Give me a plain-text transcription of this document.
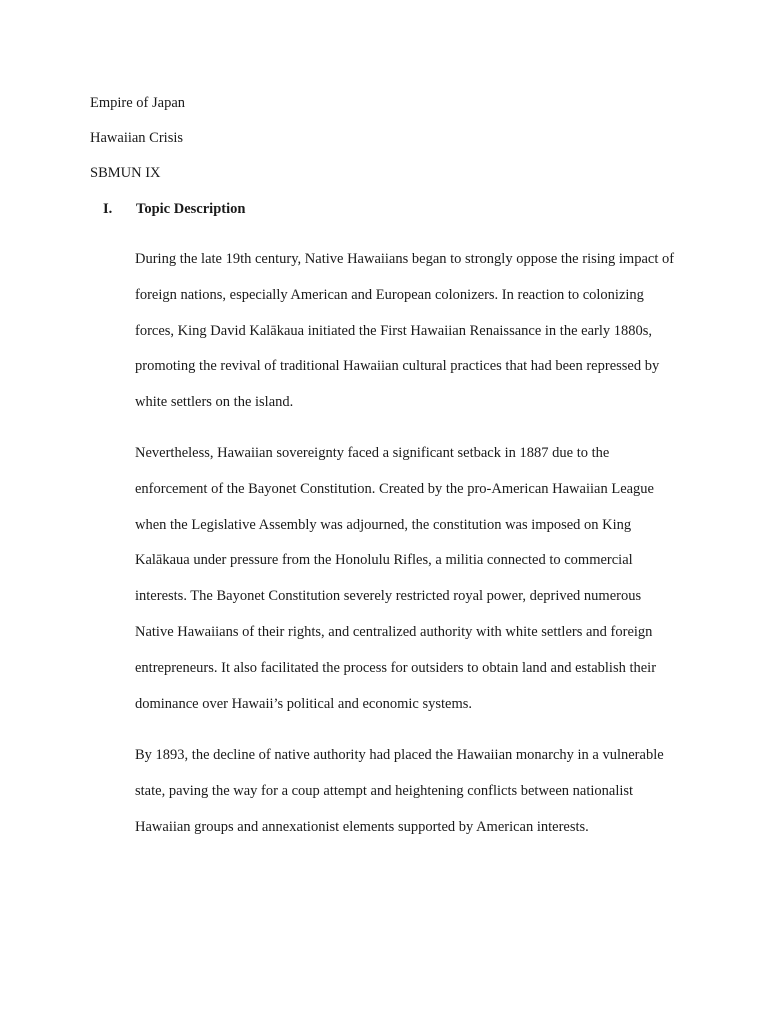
Empire of Japan
Hawaiian Crisis
SBMUN IX
I. Topic Description

During the late 19th century, Native Hawaiians began to strongly oppose the rising impact of foreign nations, especially American and European colonizers. In reaction to colonizing forces, King David Kalākaua initiated the First Hawaiian Renaissance in the early 1880s, promoting the revival of traditional Hawaiian cultural practices that had been repressed by white settlers on the island.

Nevertheless, Hawaiian sovereignty faced a significant setback in 1887 due to the enforcement of the Bayonet Constitution. Created by the pro-American Hawaiian League when the Legislative Assembly was adjourned, the constitution was imposed on King Kalākaua under pressure from the Honolulu Rifles, a militia connected to commercial interests. The Bayonet Constitution severely restricted royal power, deprived numerous Native Hawaiians of their rights, and centralized authority with white settlers and foreign entrepreneurs. It also facilitated the process for outsiders to obtain land and establish their dominance over Hawaii’s political and economic systems.

By 1893, the decline of native authority had placed the Hawaiian monarchy in a vulnerable state, paving the way for a coup attempt and heightening conflicts between nationalist Hawaiian groups and annexationist elements supported by American interests.
